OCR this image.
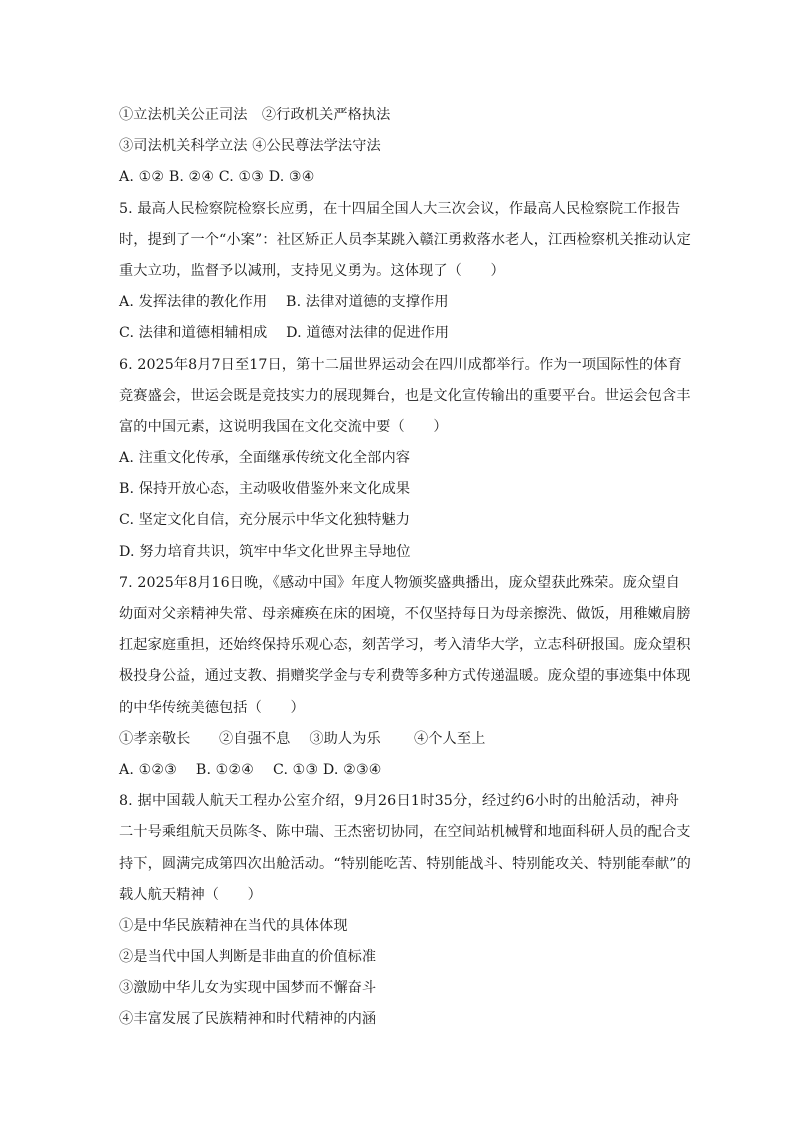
①立法机关公正司法　②行政机关严格执法
③司法机关科学立法 ④公民尊法学法守法
A. ①② B. ②④ C. ①③ D. ③④
5. 最高人民检察院检察长应勇，在十四届全国人大三次会议，作最高人民检察院工作报告
时，提到了一个“小案”：社区矫正人员李某跳入赣江勇救落水老人，江西检察机关推动认定
重大立功，监督予以减刑，支持见义勇为。这体现了（　　）
A. 发挥法律的教化作用　 B. 法律对道德的支撑作用
C. 法律和道德相辅相成　 D. 道德对法律的促进作用
6. 2025年8月7日至17日，第十二届世界运动会在四川成都举行。作为一项国际性的体育
竞赛盛会，世运会既是竞技实力的展现舞台，也是文化宣传输出的重要平台。世运会包含丰
富的中国元素，这说明我国在文化交流中要（　　）
A. 注重文化传承，全面继承传统文化全部内容
B. 保持开放心态，主动吸收借鉴外来文化成果
C. 坚定文化自信，充分展示中华文化独特魅力
D. 努力培育共识，筑牢中华文化世界主导地位
7. 2025年8月16日晚，《感动中国》年度人物颁奖盛典播出，庞众望获此殊荣。庞众望自
幼面对父亲精神失常、母亲瘫痪在床的困境，不仅坚持每日为母亲擦洗、做饭，用稚嫩肩膀
扛起家庭重担，还始终保持乐观心态，刻苦学习，考入清华大学，立志科研报国。庞众望积
极投身公益，通过支教、捐赠奖学金与专利费等多种方式传递温暖。庞众望的事迹集中体现
的中华传统美德包括（　　）
①孝亲敬长　　②自强不息　 ③助人为乐　　 ④个人至上
A. ①②③　 B. ①②④　 C. ①③ D. ②③④
8. 据中国载人航天工程办公室介绍，9月26日1时35分，经过约6小时的出舱活动，神舟
二十号乘组航天员陈冬、陈中瑞、王杰密切协同，在空间站机械臂和地面科研人员的配合支
持下，圆满完成第四次出舱活动。“特别能吃苦、特别能战斗、特别能攻关、特别能奉献”的
载人航天精神（　　）
①是中华民族精神在当代的具体体现
②是当代中国人判断是非曲直的价值标准
③激励中华儿女为实现中国梦而不懈奋斗
④丰富发展了民族精神和时代精神的内涵
